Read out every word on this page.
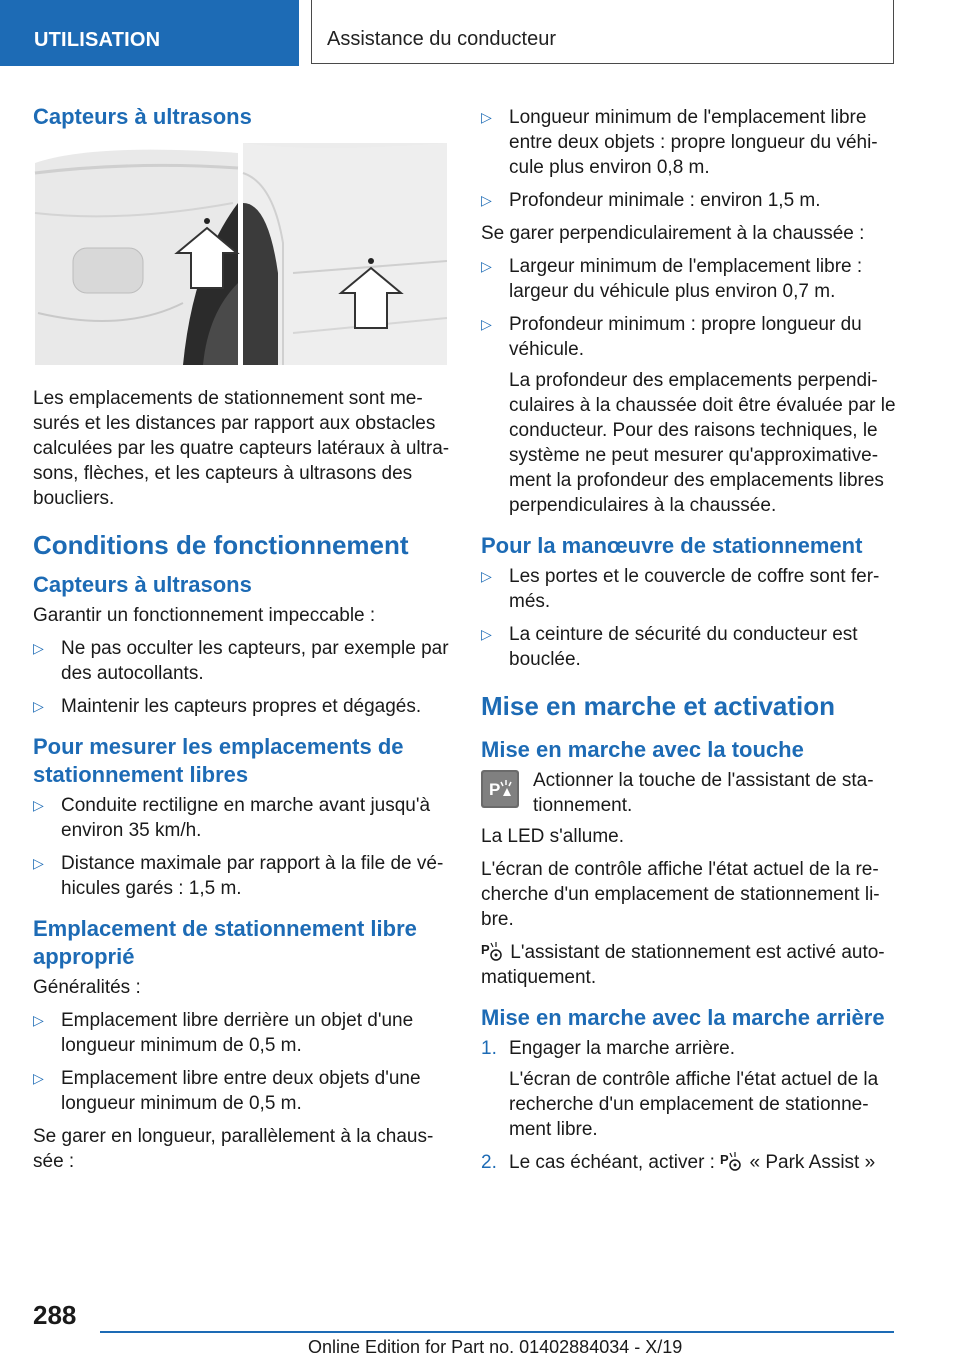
UTILISATION	Assistance du conducteur
Capteurs à ultrasons

Les emplacements de stationnement sont me-surés et les distances par rapport aux obstacles calculées par les quatre capteurs latéraux à ultra-sons, flèches, et les capteurs à ultrasons des boucliers.

Conditions de fonctionnement
Capteurs à ultrasons

Garantir un fonctionnement impeccable :

▷ Ne pas occulter les capteurs, par exemple par des autocollants.
▷ Maintenir les capteurs propres et dégagés.
Pour mesurer les emplacements de stationnement libres
▷ Conduite rectiligne en marche avant jusqu'à environ 35 km/h.
▷ Distance maximale par rapport à la file de vé-hicules garés : 1,5 m.
Emplacement de stationnement libre approprié

Généralités :

▷ Emplacement libre derrière un objet d'une longueur minimum de 0,5 m.
▷ Emplacement libre entre deux objets d'une longueur minimum de 0,5 m.

Se garer en longueur, parallèlement à la chaus-sée :

▷ Longueur minimum de l'emplacement libre entre deux objets : propre longueur du véhi-cule plus environ 0,8 m.
▷ Profondeur minimale : environ 1,5 m.

Se garer perpendiculairement à la chaussée :

▷ Largeur minimum de l'emplacement libre : largeur du véhicule plus environ 0,7 m.
▷ Profondeur minimum : propre longueur du véhicule.
La profondeur des emplacements perpendi-culaires à la chaussée doit être évaluée par le conducteur. Pour des raisons techniques, le système ne peut mesurer qu'approximative-ment la profondeur des emplacements libres perpendiculaires à la chaussée.
Pour la manœuvre de stationnement
▷ Les portes et le couvercle de coffre sont fer-més.
▷ La ceinture de sécurité du conducteur est bouclée.
Mise en marche et activation
Mise en marche avec la touche
P	Actionner la touche de l'assistant de sta-tionnement.

La LED s'allume.

L'écran de contrôle affiche l'état actuel de la re-cherche d'un emplacement de stationnement li-bre.

P L'assistant de stationnement est activé auto-matiquement.

Mise en marche avec la marche arrière
1. Engager la marche arrière.
L'écran de contrôle affiche l'état actuel de la recherche d'un emplacement de stationne-ment libre.
2. Le cas échéant, activer : P « Park Assist »
288
Online Edition for Part no. 01402884034 - X/19
